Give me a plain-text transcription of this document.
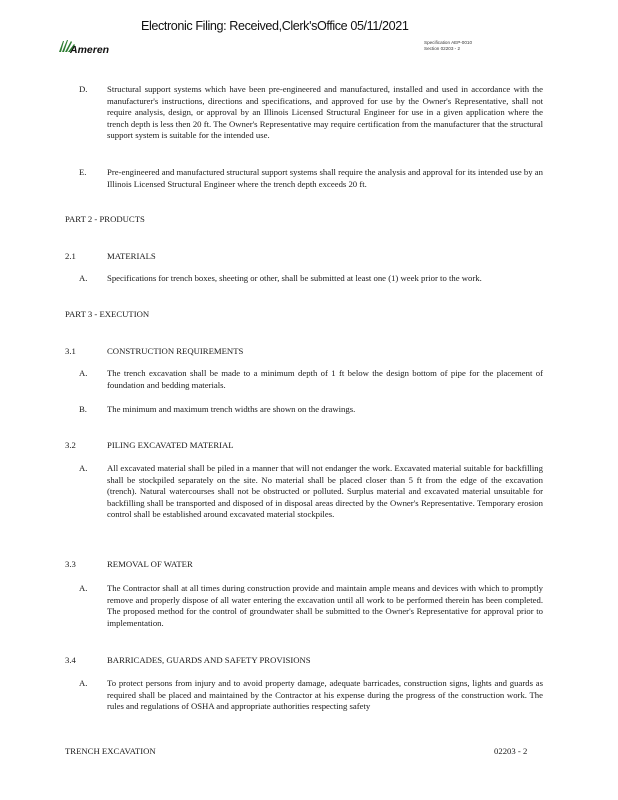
Electronic Filing: Received,Clerk'sOffice 05/11/2021
Ameren
Specification AEP-0010
Section 02203 - 2
D. Structural support systems which have been pre-engineered and manufactured, installed and used in accordance with the manufacturer's instructions, directions and specifications, and approved for use by the Owner's Representative, shall not require analysis, design, or approval by an Illinois Licensed Structural Engineer for use in a given application where the trench depth is less then 20 ft. The Owner's Representative may require certification from the manufacturer that the structural support system is suitable for the intended use.
E. Pre-engineered and manufactured structural support systems shall require the analysis and approval for its intended use by an Illinois Licensed Structural Engineer where the trench depth exceeds 20 ft.
PART 2 - PRODUCTS
2.1	MATERIALS
A. Specifications for trench boxes, sheeting or other, shall be submitted at least one (1) week prior to the work.
PART 3 - EXECUTION
3.1	CONSTRUCTION REQUIREMENTS
A. The trench excavation shall be made to a minimum depth of 1 ft below the design bottom of pipe for the placement of foundation and bedding materials.
B. The minimum and maximum trench widths are shown on the drawings.
3.2	PILING EXCAVATED MATERIAL
A. All excavated material shall be piled in a manner that will not endanger the work. Excavated material suitable for backfilling shall be stockpiled separately on the site. No material shall be placed closer than 5 ft from the edge of the excavation (trench). Natural watercourses shall not be obstructed or polluted. Surplus material and excavated material unsuitable for backfilling shall be transported and disposed of in disposal areas directed by the Owner's Representative. Temporary erosion control shall be established around excavated material stockpiles.
3.3	REMOVAL OF WATER
A. The Contractor shall at all times during construction provide and maintain ample means and devices with which to promptly remove and properly dispose of all water entering the excavation until all work to be performed therein has been completed. The proposed method for the control of groundwater shall be submitted to the Owner's Representative for approval prior to implementation.
3.4	BARRICADES, GUARDS AND SAFETY PROVISIONS
A. To protect persons from injury and to avoid property damage, adequate barricades, construction signs, lights and guards as required shall be placed and maintained by the Contractor at his expense during the progress of the construction work. The rules and regulations of OSHA and appropriate authorities respecting safety
TRENCH EXCAVATION	02203 - 2
